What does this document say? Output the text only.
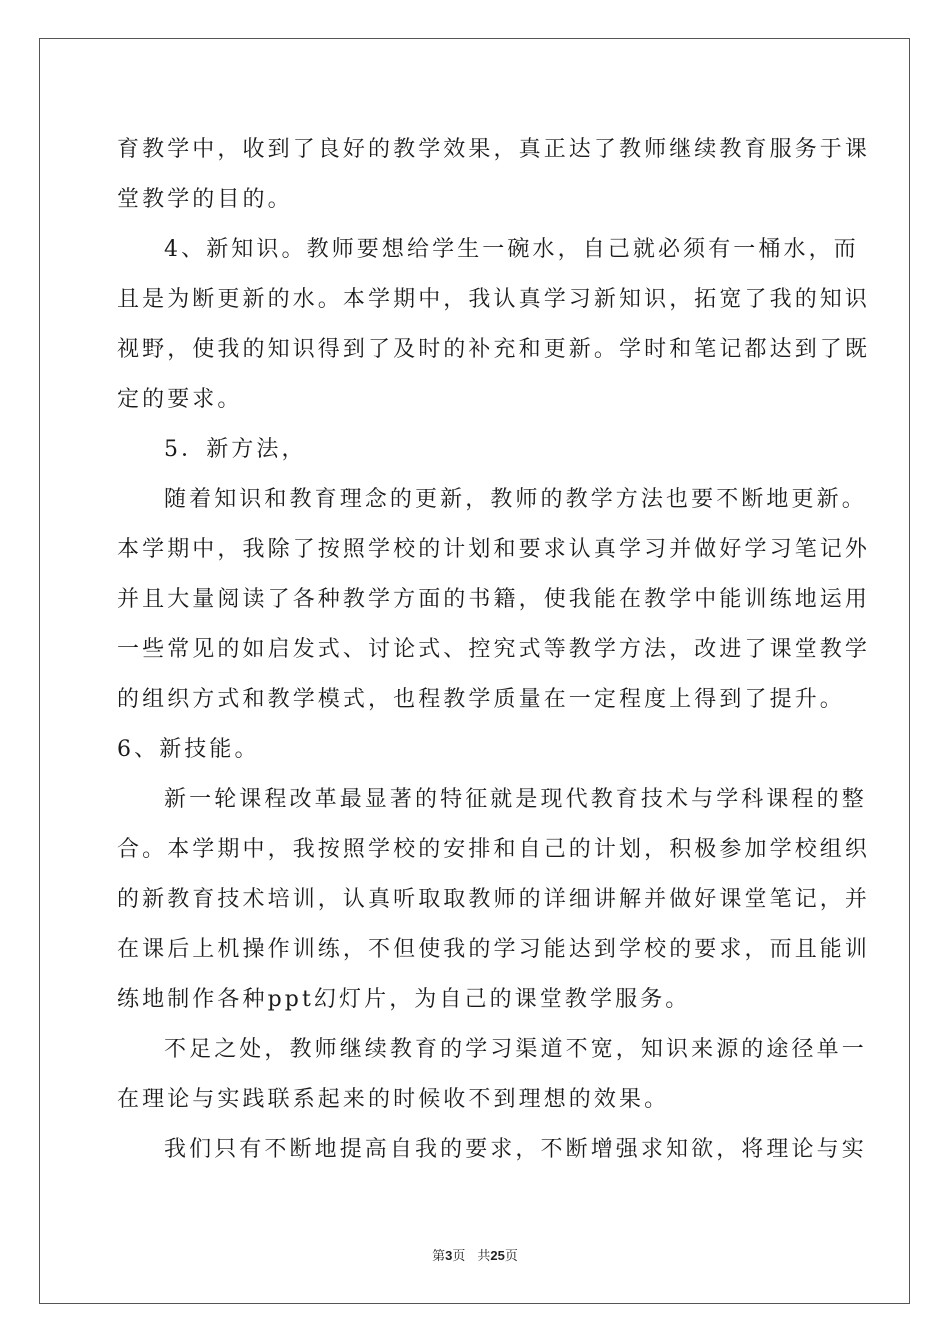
育教学中，收到了良好的教学效果，真正达了教师继续教育服务于课
堂教学的目的。
4、新知识。教师要想给学生一碗水，自己就必须有一桶水，而
且是为断更新的水。本学期中，我认真学习新知识，拓宽了我的知识
视野，使我的知识得到了及时的补充和更新。学时和笔记都达到了既
定的要求。
5．新方法，
随着知识和教育理念的更新，教师的教学方法也要不断地更新。
本学期中，我除了按照学校的计划和要求认真学习并做好学习笔记外
并且大量阅读了各种教学方面的书籍，使我能在教学中能训练地运用
一些常见的如启发式、讨论式、控究式等教学方法，改进了课堂教学
的组织方式和教学模式，也程教学质量在一定程度上得到了提升。
6、新技能。
新一轮课程改革最显著的特征就是现代教育技术与学科课程的整
合。本学期中，我按照学校的安排和自己的计划，积极参加学校组织
的新教育技术培训，认真听取取教师的详细讲解并做好课堂笔记，并
在课后上机操作训练，不但使我的学习能达到学校的要求，而且能训
练地制作各种ppt幻灯片，为自己的课堂教学服务。
不足之处，教师继续教育的学习渠道不宽，知识来源的途径单一
在理论与实践联系起来的时候收不到理想的效果。
我们只有不断地提高自我的要求，不断增强求知欲，将理论与实
第3页 共25页
